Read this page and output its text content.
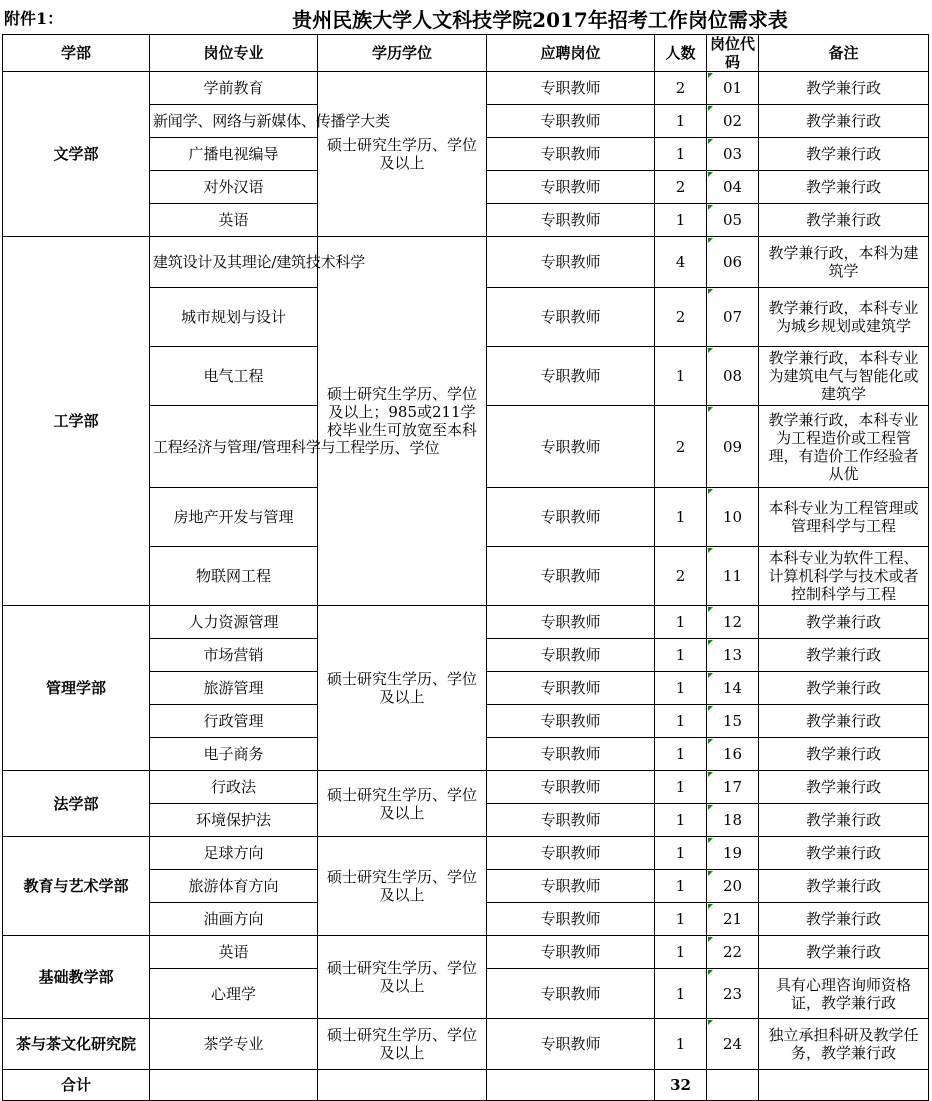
附件1：	贵州民族大学人文科技学院2017年招考工作岗位需求表
学部	岗位专业	学历学位	应聘岗位	人数	岗位代码	备注
文学部	学前教育	硕士研究生学历、学位及以上	专职教师	2	01	教学兼行政
	新闻学、网络与新媒体、传播学大类		专职教师	1	02	教学兼行政
	广播电视编导		专职教师	1	03	教学兼行政
	对外汉语		专职教师	2	04	教学兼行政
	英语		专职教师	1	05	教学兼行政
工学部	建筑设计及其理论/建筑技术科学	硕士研究生学历、学位及以上；985或211学校毕业生可放宽至本科学历、学位	专职教师	4	06	教学兼行政，本科为建筑学
	城市规划与设计		专职教师	2	07	教学兼行政，本科专业为城乡规划或建筑学
	电气工程		专职教师	1	08	教学兼行政，本科专业为建筑电气与智能化或建筑学
	工程经济与管理/管理科学与工程		专职教师	2	09	教学兼行政，本科专业为工程造价或工程管理，有造价工作经验者从优
	房地产开发与管理		专职教师	1	10	本科专业为工程管理或管理科学与工程
	物联网工程		专职教师	2	11	本科专业为软件工程、计算机科学与技术或者控制科学与工程
管理学部	人力资源管理	硕士研究生学历、学位及以上	专职教师	1	12	教学兼行政
	市场营销		专职教师	1	13	教学兼行政
	旅游管理		专职教师	1	14	教学兼行政
	行政管理		专职教师	1	15	教学兼行政
	电子商务		专职教师	1	16	教学兼行政
法学部	行政法	硕士研究生学历、学位及以上	专职教师	1	17	教学兼行政
	环境保护法		专职教师	1	18	教学兼行政
教育与艺术学部	足球方向	硕士研究生学历、学位及以上	专职教师	1	19	教学兼行政
	旅游体育方向		专职教师	1	20	教学兼行政
	油画方向		专职教师	1	21	教学兼行政
基础教学部	英语	硕士研究生学历、学位及以上	专职教师	1	22	教学兼行政
	心理学		专职教师	1	23	具有心理咨询师资格证，教学兼行政
茶与茶文化研究院	茶学专业	硕士研究生学历、学位及以上	专职教师	1	24	独立承担科研及教学任务，教学兼行政
合计				32		
